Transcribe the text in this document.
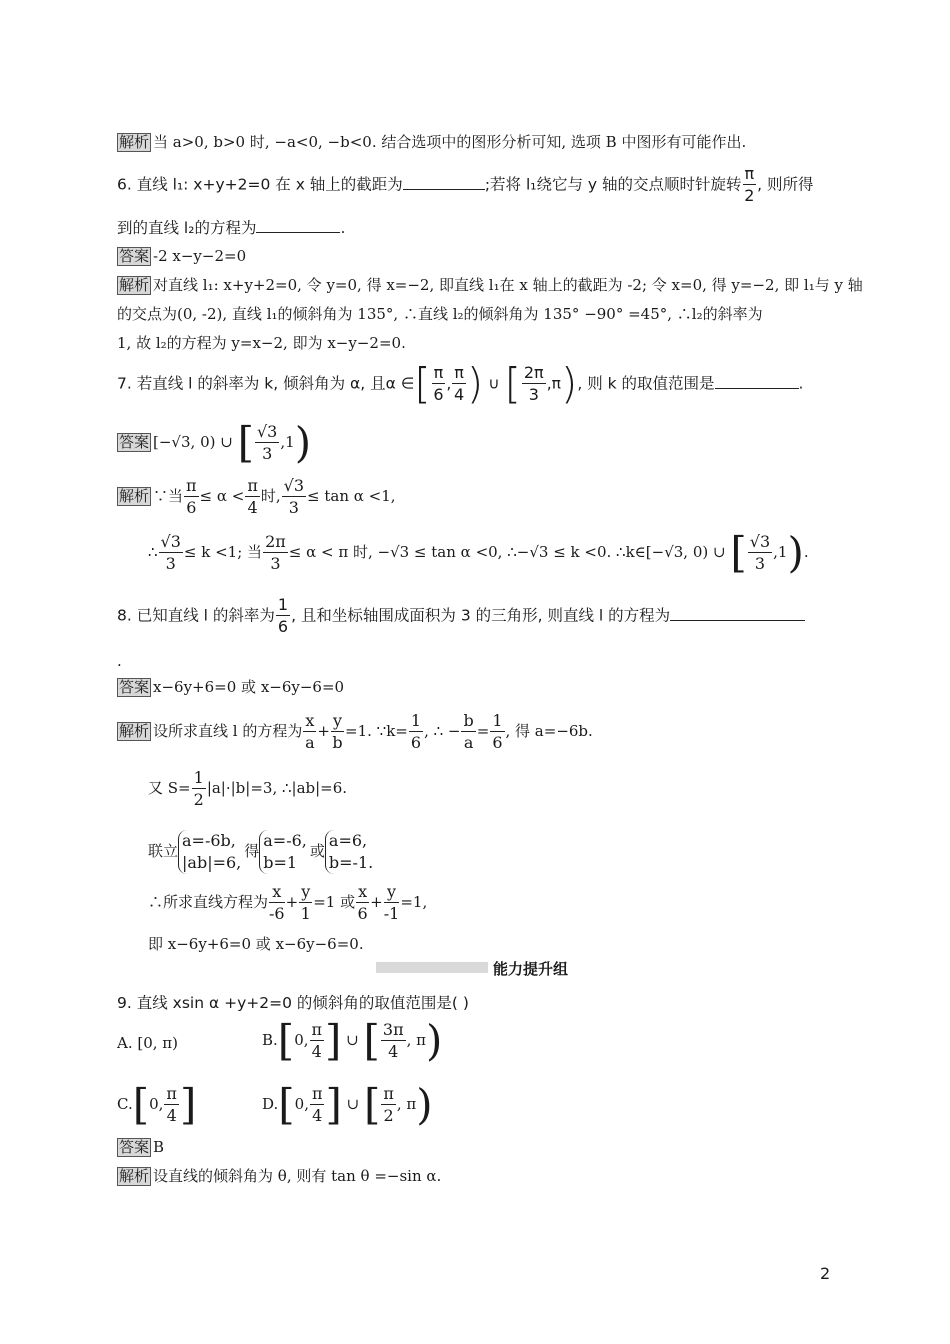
解析 当 a>0, b>0 时, −a<0, −b<0. 结合选项中的图形分析可知, 选项 B 中图形有可能作出.
6. 直线 l₁: x+y+2=0 在 x 轴上的截距为	;若将 l₁绕它与 y 轴的交点顺时针旋转 $\frac{\pi}{2}$ , 则所得
到的直线 l₂的方程为	.
答案 -2 x−y−2=0
解析 对直线 l₁: x+y+2=0, 令 y=0, 得 x=−2, 即直线 l₁在 x 轴上的截距为 -2; 令 x=0, 得 y=−2, 即 l₁与 y 轴
的交点为(0, -2), 直线 l₁的倾斜角为 135°, ∴直线 l₂的倾斜角为 135° −90° =45°, ∴l₂的斜率为
1, 故 l₂的方程为 y=x−2, 即为 x−y−2=0.
7. 若直线 l 的斜率为 k, 倾斜角为 α, 且α ∈[ $\frac{\pi}{6}$ , $\frac{\pi}{4}$ ) ∪ [ $\frac{2\pi}{3} ,\pi$), 则 k 的取值范围是	.
答案 [−√3, 0) ∪ [ $\frac{√3}{3} ,1$)
解析 ∵当 $\frac{\pi}{6} \le \alpha < \frac{\pi}{4}$ 时, $\frac{√3}{3} \le \tan \alpha <1$,
∴ $\frac{√3}{3} \le k <1$; 当 $\frac{2\pi}{3} \le \alpha < \pi$ 时, −√3 ≤ tan α <0, ∴−√3 ≤ k <0. ∴k∈[−√3, 0) ∪ [ $\frac{√3}{3} ,1$).
8. 已知直线 l 的斜率为 $\frac{1}{6}$ , 且和坐标轴围成面积为 3 的三角形, 则直线 l 的方程为
.
答案 x−6y+6=0 或 x−6y−6=0
解析 设所求直线 l 的方程为 $\frac{x}{a} + \frac{y}{b} =1$. ∵k= $\frac{1}{6}$ , ∴ − $\frac{b}{a} = \frac{1}{6}$ , 得 a=−6b.
又 $S= \frac{1}{2} |a|\cdot|b|=3$, ∴|ab|=6.
联立
a=-6b,
|ab|=6,
得
a=-6,
b=1
或
a=6,
b=-1.
∴所求直线方程为 $\frac{x}{-6} + \frac{y}{1} =1$ 或 $\frac{x}{6} + \frac{y}{-1} =1$,
即 x−6y+6=0 或 x−6y−6=0.
能力提升组
9. 直线 xsin α +y+2=0 的倾斜角的取值范围是( )
A. [0, π)	B.[0, $\frac{\pi}{4}$ ] ∪ [ $\frac{3\pi}{4}$ , π)
C.[0, $\frac{\pi}{4}$ ]	D.[0, $\frac{\pi}{4}$ ] ∪ [ $\frac{\pi}{2}$ , π)
答案 B
解析 设直线的倾斜角为 θ, 则有 tan θ =−sin α.
2
